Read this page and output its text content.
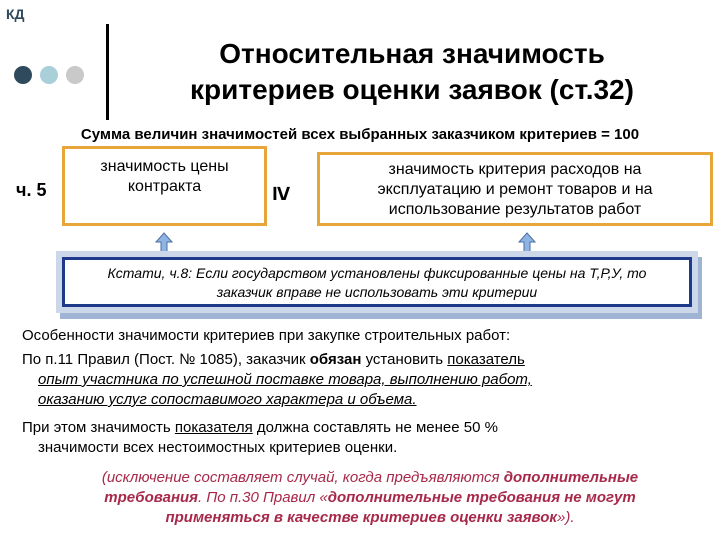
КД
Относительная значимость
критериев оценки заявок (ст.32)
Сумма величин значимостей всех выбранных заказчиком критериев = 100
ч. 5
значимость цены
контракта	≥
значимость критерия расходов на
эксплуатацию и ремонт товаров и на
использование результатов работ
Кстати, ч.8: Если государством установлены фиксированные цены на Т,Р,У, то
заказчик вправе не использовать эти критерии
Особенности значимости критериев при закупке строительных работ:
По п.11 Правил (Пост. № 1085), заказчик обязан установить показатель
опыт участника по успешной поставке товара, выполнению работ,
оказанию услуг сопоставимого характера и объема.
При этом значимость показателя должна составлять не менее 50 %
значимости всех нестоимостных критериев оценки.
(исключение составляет случай, когда предъявляются дополнительные
требования. По п.30 Правил «дополнительные требования не могут
применяться в качестве критериев оценки заявок»).
